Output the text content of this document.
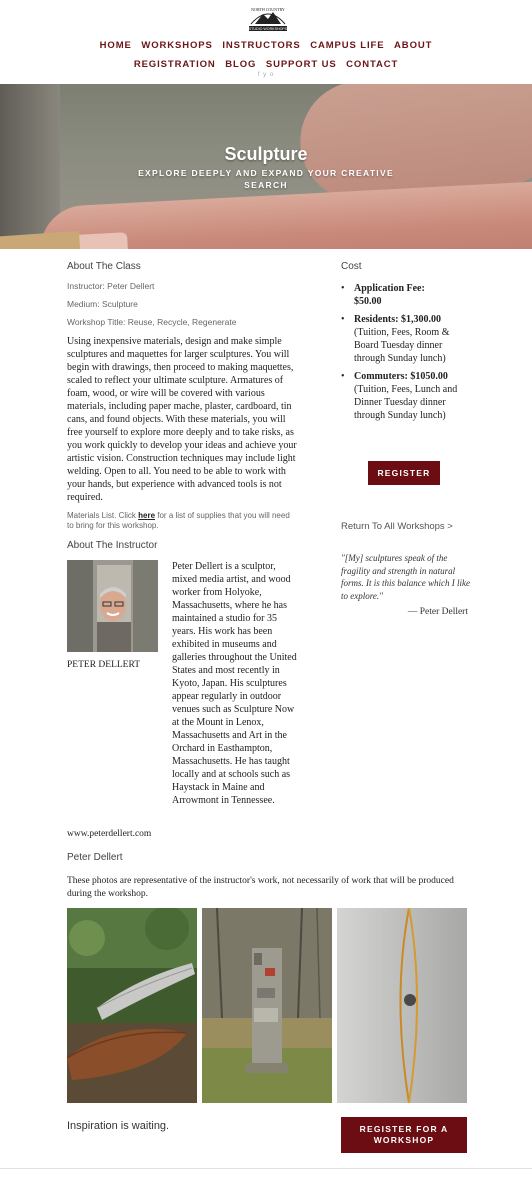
NORTH COUNTRY
STUDIO WORKSHOPS
HOME WORKSHOPS INSTRUCTORS CAMPUS LIFE ABOUT
REGISTRATION BLOG SUPPORT US CONTACT
f y o
Sculpture
EXPLORE DEEPLY AND EXPAND YOUR CREATIVE SEARCH
About The Class
Instructor: Peter Dellert
Medium: Sculpture
Workshop Title: Reuse, Recycle, Regenerate
Using inexpensive materials, design and make simple sculptures and maquettes for larger sculptures. You will begin with drawings, then proceed to making maquettes, scaled to reflect your ultimate sculpture. Armatures of foam, wood, or wire will be covered with various materials, including paper mache, plaster, cardboard, tin cans, and found objects. With these materials, you will free yourself to explore more deeply and to take risks, as you work quickly to develop your ideas and achieve your artistic vision. Construction techniques may include light welding. Open to all. You need to be able to work with your hands, but experience with advanced tools is not required.
Materials List. Click here for a list of supplies that you will need to bring for this workshop.
About The Instructor
PETER DELLERT
Peter Dellert is a sculptor, mixed media artist, and wood worker from Holyoke, Massachusetts, where he has maintained a studio for 35 years. His work has been exhibited in museums and galleries throughout the United States and most recently in Kyoto, Japan. His sculptures appear regularly in outdoor venues such as Sculpture Now at the Mount in Lenox, Massachusetts and Art in the Orchard in Easthampton, Massachusetts. He has taught locally and at schools such as Haystack in Maine and Arrowmont in Tennessee.
www.peterdellert.com
Peter Dellert
These photos are representative of the instructor's work, not necessarily of work that will be produced during the workshop.
Cost
• Application Fee:
$50.00
• Residents: $1,300.00 (Tuition, Fees, Room & Board Tuesday dinner through Sunday lunch)
• Commuters: $1050.00 (Tuition, Fees, Lunch and Dinner Tuesday dinner through Sunday lunch)
REGISTER
Return To All Workshops >
"[My] sculptures speak of the fragility and strength in natural forms. It is this balance which I like to explore."
— Peter Dellert
Inspiration is waiting.	REGISTER FOR A WORKSHOP
